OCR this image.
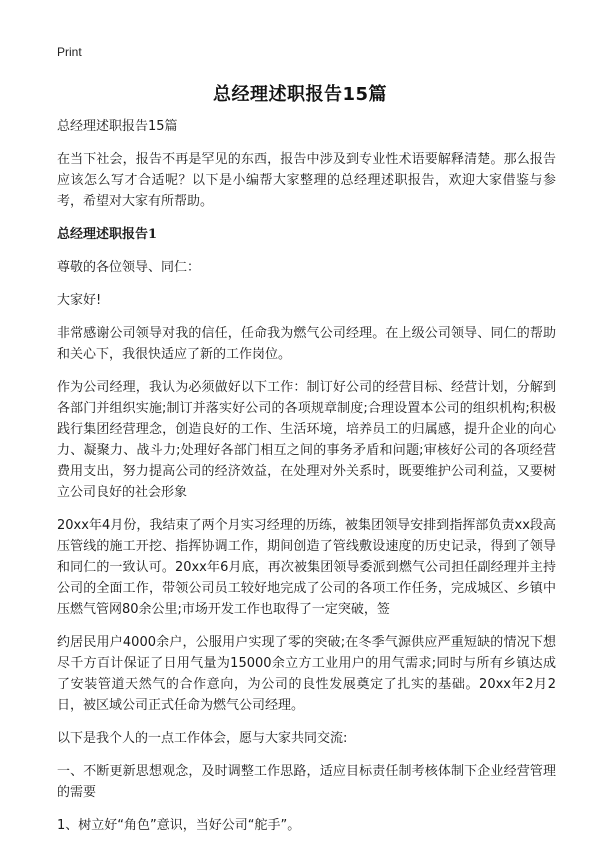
Print
总经理述职报告15篇

总经理述职报告15篇

在当下社会，报告不再是罕见的东西，报告中涉及到专业性术语要解释清楚。那么报告应该怎么写才合适呢？以下是小编帮大家整理的总经理述职报告，欢迎大家借鉴与参考，希望对大家有所帮助。

总经理述职报告1

尊敬的各位领导、同仁：

大家好!

非常感谢公司领导对我的信任，任命我为燃气公司经理。在上级公司领导、同仁的帮助和关心下，我很快适应了新的工作岗位。

作为公司经理，我认为必须做好以下工作：制订好公司的经营目标、经营计划，分解到各部门并组织实施;制订并落实好公司的各项规章制度;合理设置本公司的组织机构;积极践行集团经营理念，创造良好的工作、生活环境，培养员工的归属感，提升企业的向心力、凝聚力、战斗力;处理好各部门相互之间的事务矛盾和问题;审核好公司的各项经营费用支出，努力提高公司的经济效益，在处理对外关系时，既要维护公司利益，又要树立公司良好的社会形象

20xx年4月份，我结束了两个月实习经理的历练，被集团领导安排到指挥部负责xx段高压管线的施工开挖、指挥协调工作，期间创造了管线敷设速度的历史记录，得到了领导和同仁的一致认可。20xx年6月底，再次被集团领导委派到燃气公司担任副经理并主持公司的全面工作，带领公司员工较好地完成了公司的各项工作任务，完成城区、乡镇中压燃气管网80余公里;市场开发工作也取得了一定突破，签

约居民用户4000余户，公服用户实现了零的突破;在冬季气源供应严重短缺的情况下想尽千方百计保证了日用气量为15000余立方工业用户的用气需求;同时与所有乡镇达成了安装管道天然气的合作意向，为公司的良性发展奠定了扎实的基础。20xx年2月2日，被区域公司正式任命为燃气公司经理。

以下是我个人的一点工作体会，愿与大家共同交流:

一、不断更新思想观念，及时调整工作思路，适应目标责任制考核体制下企业经营管理的需要

1、树立好“角色”意识，当好公司“舵手”。
